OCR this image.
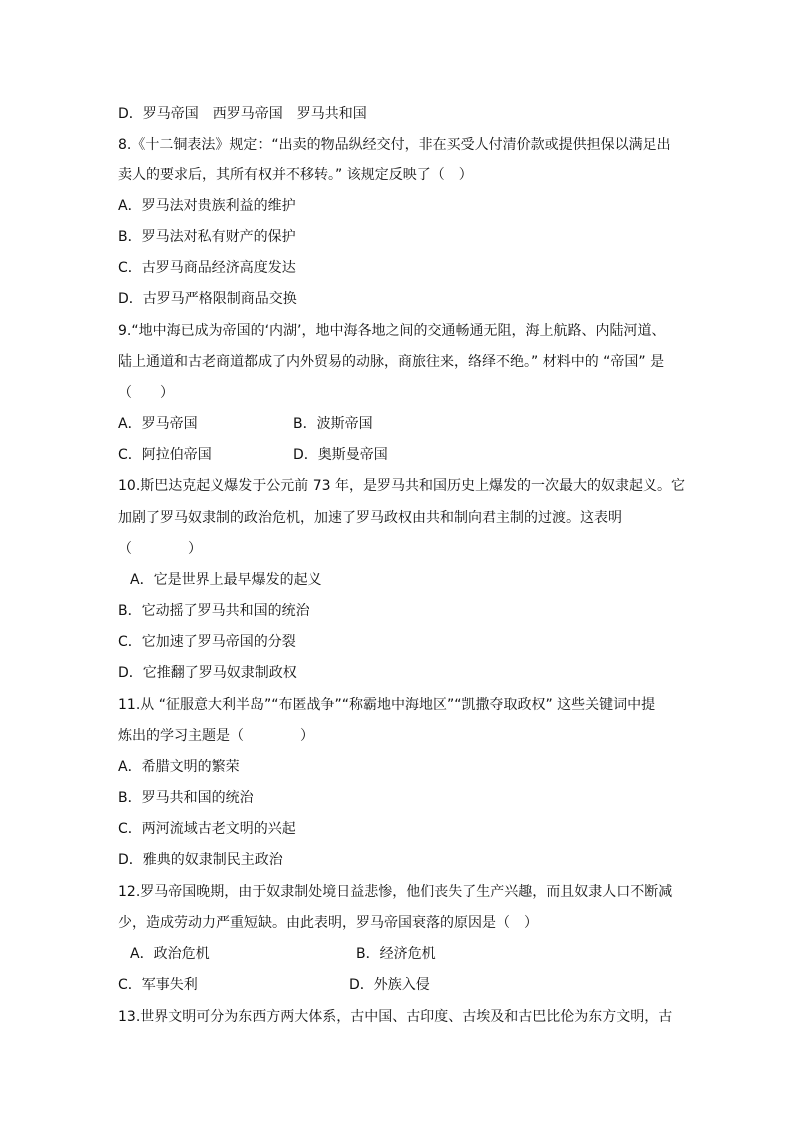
D．罗马帝国　西罗马帝国　罗马共和国
8.《十二铜表法》规定：“出卖的物品纵经交付，非在买受人付清价款或提供担保以满足出
卖人的要求后，其所有权并不移转。” 该规定反映了（　）
A．罗马法对贵族利益的维护
B．罗马法对私有财产的保护
C．古罗马商品经济高度发达
D．古罗马严格限制商品交换
9.“地中海已成为帝国的‘内湖’，地中海各地之间的交通畅通无阻，海上航路、内陆河道、
陆上通道和古老商道都成了内外贸易的动脉，商旅往来，络绎不绝。” 材料中的 “帝国” 是
（　　）
A．罗马帝国	B．波斯帝国
C．阿拉伯帝国	D．奥斯曼帝国
10.斯巴达克起义爆发于公元前 73 年，是罗马共和国历史上爆发的一次最大的奴隶起义。它
加剧了罗马奴隶制的政治危机，加速了罗马政权由共和制向君主制的过渡。这表明
（　　　　）
A．它是世界上最早爆发的起义
B．它动摇了罗马共和国的统治
C．它加速了罗马帝国的分裂
D．它推翻了罗马奴隶制政权
11.从 “征服意大利半岛”“布匿战争”“称霸地中海地区”“凯撒夺取政权” 这些关键词中提
炼出的学习主题是（　　　　）
A．希腊文明的繁荣
B．罗马共和国的统治
C．两河流域古老文明的兴起
D．雅典的奴隶制民主政治
12.罗马帝国晚期，由于奴隶制处境日益悲惨，他们丧失了生产兴趣，而且奴隶人口不断减
少，造成劳动力严重短缺。由此表明，罗马帝国衰落的原因是（　）
A．政治危机	B．经济危机
C．军事失利	D．外族入侵
13.世界文明可分为东西方两大体系，古中国、古印度、古埃及和古巴比伦为东方文明，古
